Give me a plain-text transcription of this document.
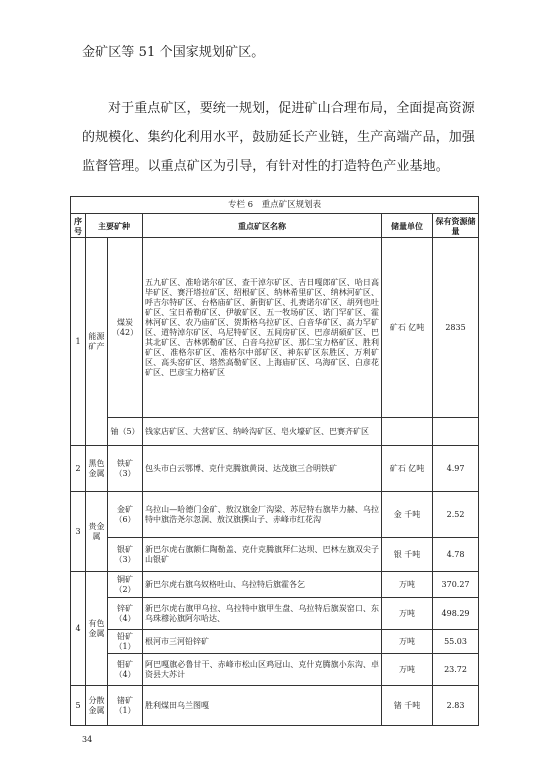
金矿区等 51 个国家规划矿区。
对于重点矿区，要统一规划，促进矿山合理布局，全面提高资源
的规模化、集约化利用水平，鼓励延长产业链，生产高端产品，加强
监督管理。以重点矿区为引导，有针对性的打造特色产业基地。
专栏 6　重点矿区规划表					
序号	主要矿种		重点矿区名称	储量单位	保有资源储量
1	能源矿产	煤炭（42）	五九矿区、准哈诺尔矿区、查干淖尔矿区、吉日嘎郎矿区、哈日高毕矿区、赛汗塔拉矿区、绍根矿区、纳林希里矿区、纳林河矿区、呼吉尔特矿区、台格庙矿区、新街矿区、扎赉诺尔矿区、胡列也吐矿区、宝日希勒矿区、伊敏矿区、五一牧场矿区、诺门罕矿区、霍林河矿区、农乃庙矿区、贺斯格乌拉矿区、白音华矿区、高力罕矿区、道特淖尔矿区、乌尼特矿区、五间房矿区、巴彦胡硕矿区、巴其北矿区、吉林郭勒矿区、白音乌拉矿区、那仁宝力格矿区、胜利矿区、准格尔矿区、准格尔中部矿区、神东矿区东胜区、万利矿区、高头窑矿区、塔然高勒矿区、上海庙矿区、乌海矿区、白彦花矿区、巴彦宝力格矿区	矿石 亿吨	2835
		铀（5）	钱家店矿区、大营矿区、纳岭沟矿区、皂火壕矿区、巴赛齐矿区		
2	黑色金属	铁矿（3）	包头市白云鄂博、克什克腾旗黄岗、达茂旗三合明铁矿	矿石 亿吨	4.97
3	贵金属	金矿（6）	乌拉山—哈德门金矿、敖汉旗金厂沟梁、苏尼特右旗毕力赫、乌拉特中旗浩尧尔忽洞、敖汉旗撰山子、赤峰市红花沟	金 千吨	2.52
		银矿（3）	新巴尔虎右旗额仁陶勒盖、克什克腾旗拜仁达坝、巴林左旗双尖子山银矿	银 千吨	4.78
4	有色金属	铜矿（2）	新巴尔虎右旗乌奴格吐山、乌拉特后旗霍各乞	万吨	370.27
		锌矿（4）	新巴尔虎右旗甲乌拉、乌拉特中旗甲生盘、乌拉特后旗炭窑口、东乌珠穆沁旗阿尔哈达、	万吨	498.29
		铅矿（1）	根河市三河铅锌矿	万吨	55.03
		钼矿（4）	阿巴嘎旗必鲁甘干、赤峰市松山区鸡冠山、克什克腾旗小东沟、卓资县大苏计	万吨	23.72
5	分散金属	锗矿（1）	胜利煤田乌兰图嘎	锗 千吨	2.83
34
